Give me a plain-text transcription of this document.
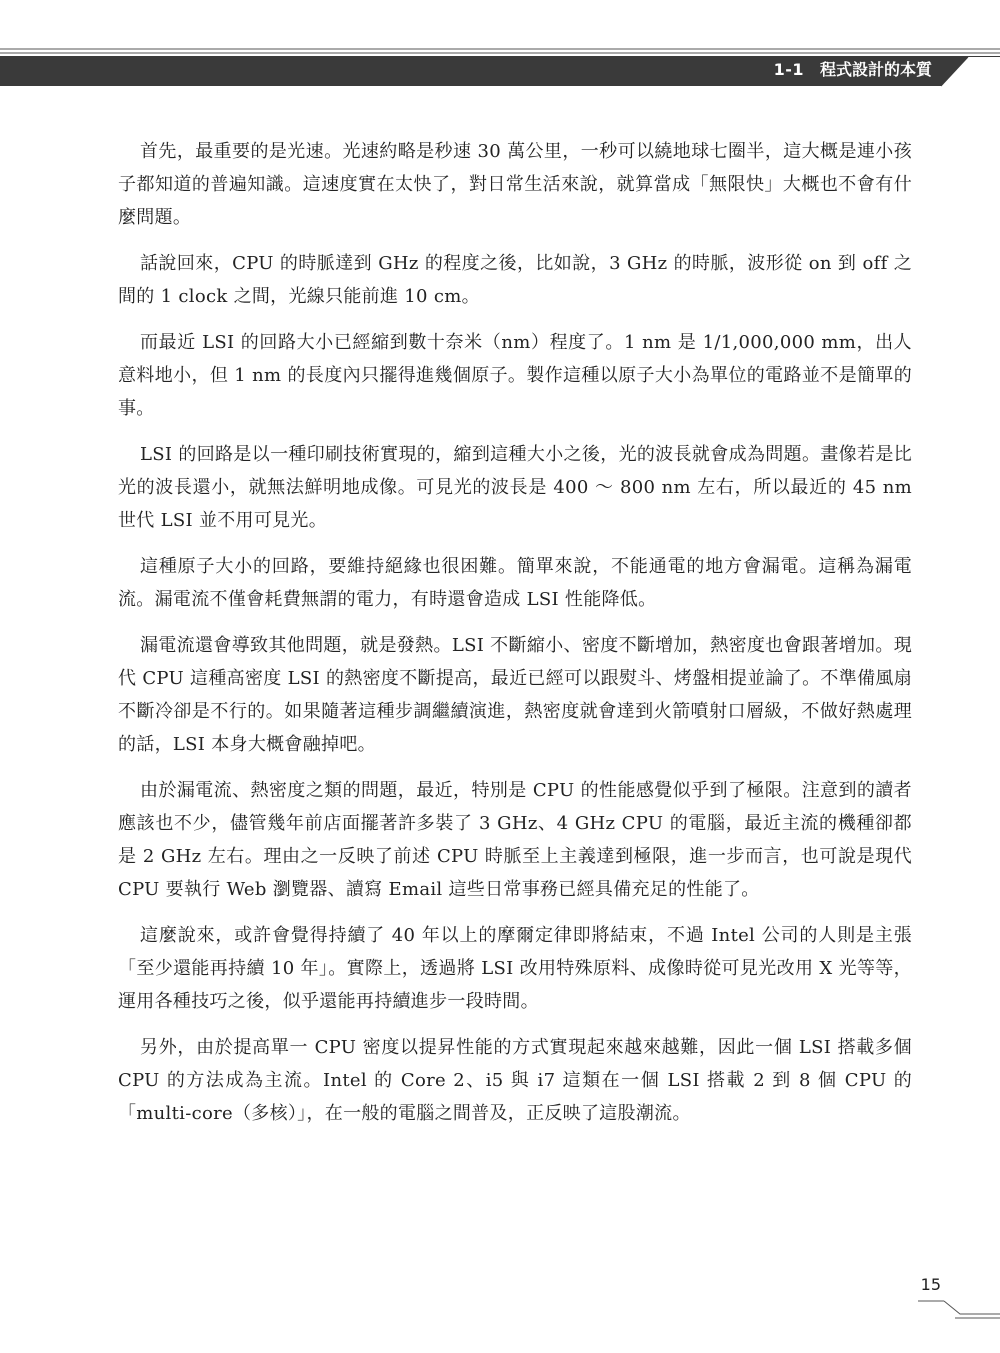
1-1 程式設計的本質

首先，最重要的是光速。光速約略是秒速 30 萬公里，一秒可以繞地球七圈半，這大概是連小孩子都知道的普遍知識。這速度實在太快了，對日常生活來說，就算當成「無限快」大概也不會有什麼問題。

話說回來，CPU 的時脈達到 GHz 的程度之後，比如說，3 GHz 的時脈，波形從 on 到 off 之間的 1 clock 之間，光線只能前進 10 cm。

而最近 LSI 的回路大小已經縮到數十奈米（nm）程度了。1 nm 是 1/1,000,000 mm，出人意料地小，但 1 nm 的長度內只擺得進幾個原子。製作這種以原子大小為單位的電路並不是簡單的事。

LSI 的回路是以一種印刷技術實現的，縮到這種大小之後，光的波長就會成為問題。畫像若是比光的波長還小，就無法鮮明地成像。可見光的波長是 400 ～ 800 nm 左右，所以最近的 45 nm 世代 LSI 並不用可見光。

這種原子大小的回路，要維持絕緣也很困難。簡單來說，不能通電的地方會漏電。這稱為漏電流。漏電流不僅會耗費無謂的電力，有時還會造成 LSI 性能降低。

漏電流還會導致其他問題，就是發熱。LSI 不斷縮小、密度不斷增加，熱密度也會跟著增加。現代 CPU 這種高密度 LSI 的熱密度不斷提高，最近已經可以跟熨斗、烤盤相提並論了。不準備風扇不斷冷卻是不行的。如果隨著這種步調繼續演進，熱密度就會達到火箭噴射口層級，不做好熱處理的話，LSI 本身大概會融掉吧。

由於漏電流、熱密度之類的問題，最近，特別是 CPU 的性能感覺似乎到了極限。注意到的讀者應該也不少，儘管幾年前店面擺著許多裝了 3 GHz、4 GHz CPU 的電腦，最近主流的機種卻都是 2 GHz 左右。理由之一反映了前述 CPU 時脈至上主義達到極限，進一步而言，也可說是現代 CPU 要執行 Web 瀏覽器、讀寫 Email 這些日常事務已經具備充足的性能了。

這麼說來，或許會覺得持續了 40 年以上的摩爾定律即將結束，不過 Intel 公司的人則是主張「至少還能再持續 10 年」。實際上，透過將 LSI 改用特殊原料、成像時從可見光改用 X 光等等，運用各種技巧之後，似乎還能再持續進步一段時間。

另外，由於提高單一 CPU 密度以提昇性能的方式實現起來越來越難，因此一個 LSI 搭載多個 CPU 的方法成為主流。Intel 的 Core 2、i5 與 i7 這類在一個 LSI 搭載 2 到 8 個 CPU 的「multi-core（多核）」，在一般的電腦之間普及，正反映了這股潮流。

15
